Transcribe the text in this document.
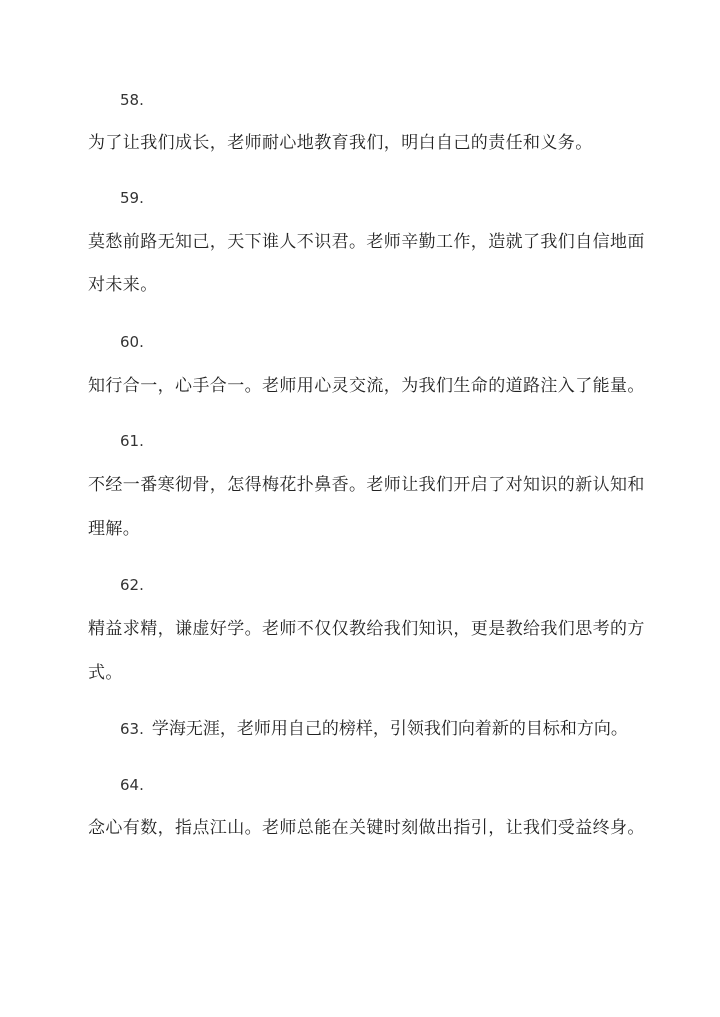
58.
为了让我们成长，老师耐心地教育我们，明白自己的责任和义务。
59.
莫愁前路无知己，天下谁人不识君。老师辛勤工作，造就了我们自信地面
对未来。
60.
知行合一，心手合一。老师用心灵交流，为我们生命的道路注入了能量。
61.
不经一番寒彻骨，怎得梅花扑鼻香。老师让我们开启了对知识的新认知和
理解。
62.
精益求精，谦虚好学。老师不仅仅教给我们知识，更是教给我们思考的方
式。
63. 学海无涯，老师用自己的榜样，引领我们向着新的目标和方向。
64.
念心有数，指点江山。老师总能在关键时刻做出指引，让我们受益终身。
